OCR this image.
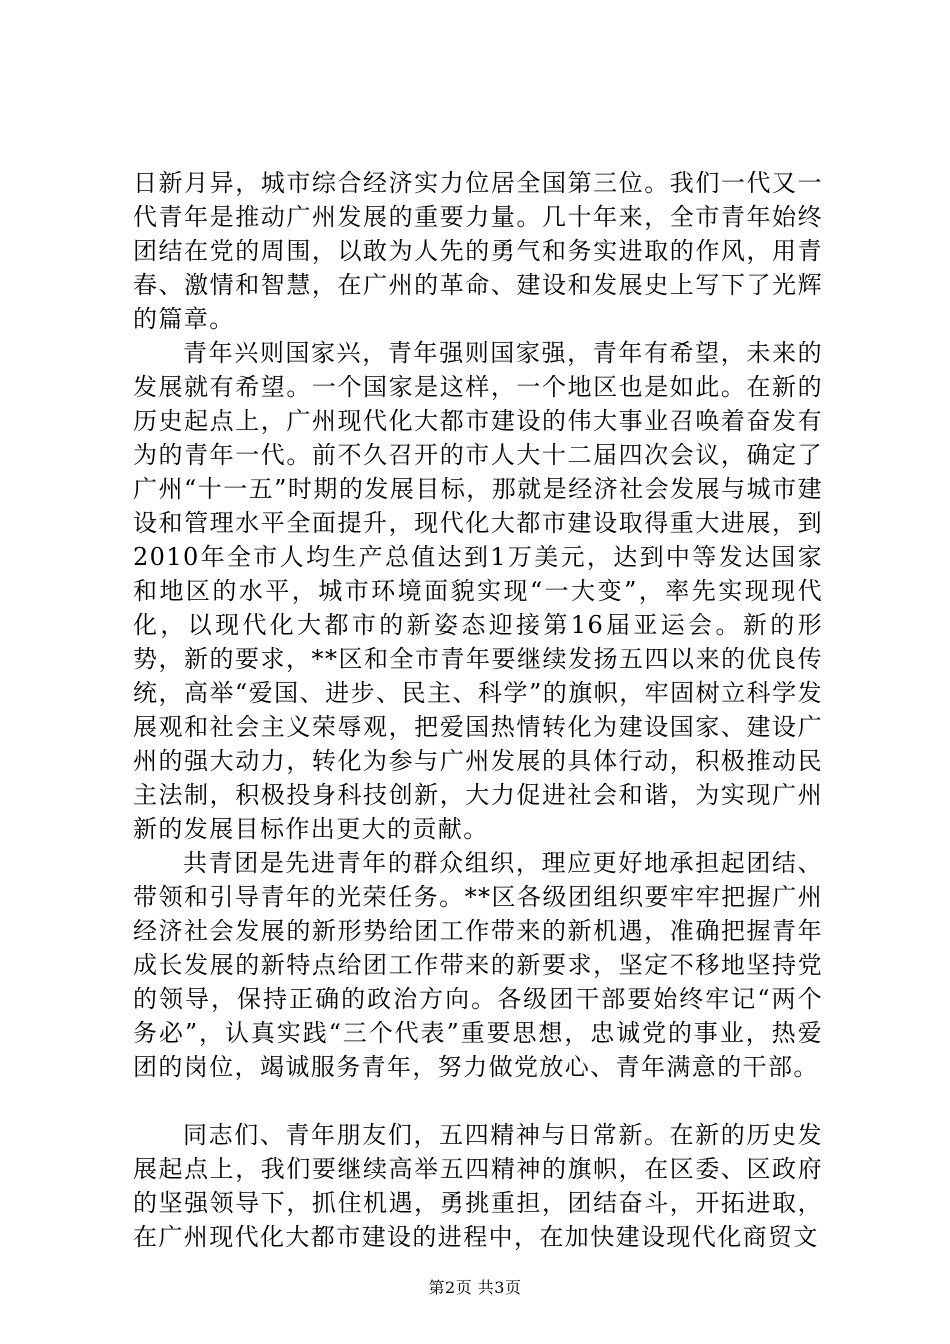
日新月异，城市综合经济实力位居全国第三位。我们一代又一代青年是推动广州发展的重要力量。几十年来，全市青年始终团结在党的周围，以敢为人先的勇气和务实进取的作风，用青春、激情和智慧，在广州的革命、建设和发展史上写下了光辉的篇章。

青年兴则国家兴，青年强则国家强，青年有希望，未来的发展就有希望。一个国家是这样，一个地区也是如此。在新的历史起点上，广州现代化大都市建设的伟大事业召唤着奋发有为的青年一代。前不久召开的市人大十二届四次会议，确定了广州“十一五”时期的发展目标，那就是经济社会发展与城市建设和管理水平全面提升，现代化大都市建设取得重大进展，到2010年全市人均生产总值达到1万美元，达到中等发达国家和地区的水平，城市环境面貌实现“一大变”，率先实现现代化，以现代化大都市的新姿态迎接第16届亚运会。新的形势，新的要求，**区和全市青年要继续发扬五四以来的优良传统，高举“爱国、进步、民主、科学”的旗帜，牢固树立科学发展观和社会主义荣辱观，把爱国热情转化为建设国家、建设广州的强大动力，转化为参与广州发展的具体行动，积极推动民主法制，积极投身科技创新，大力促进社会和谐，为实现广州新的发展目标作出更大的贡献。

共青团是先进青年的群众组织，理应更好地承担起团结、带领和引导青年的光荣任务。**区各级团组织要牢牢把握广州经济社会发展的新形势给团工作带来的新机遇，准确把握青年成长发展的新特点给团工作带来的新要求，坚定不移地坚持党的领导，保持正确的政治方向。各级团干部要始终牢记“两个务必”，认真实践“三个代表”重要思想，忠诚党的事业，热爱团的岗位，竭诚服务青年，努力做党放心、青年满意的干部。

同志们、青年朋友们，五四精神与日常新。在新的历史发展起点上，我们要继续高举五四精神的旗帜，在区委、区政府的坚强领导下，抓住机遇，勇挑重担，团结奋斗，开拓进取，在广州现代化大都市建设的进程中，在加快建设现代化商贸文

第2页 共3页
